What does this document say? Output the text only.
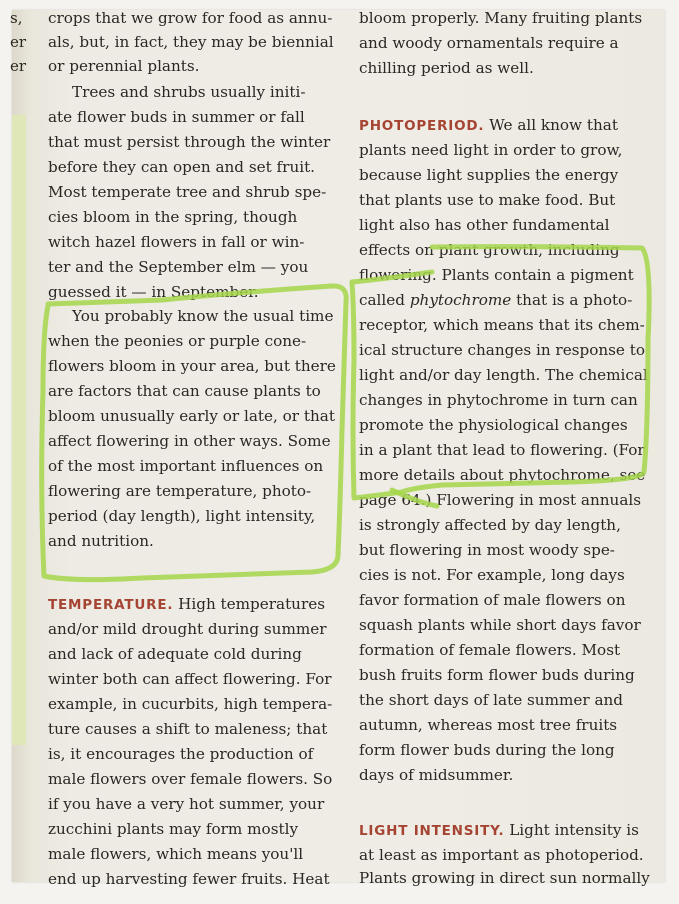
s,
er
er
crops that we grow for food as annu-
als, but, in fact, they may be biennial
or perennial plants.
Trees and shrubs usually initi-
ate flower buds in summer or fall
that must persist through the winter
before they can open and set fruit.
Most temperate tree and shrub spe-
cies bloom in the spring, though
witch hazel flowers in fall or win-
ter and the September elm — you
guessed it — in September.
You probably know the usual time
when the peonies or purple cone-
flowers bloom in your area, but there
are factors that can cause plants to
bloom unusually early or late, or that
affect flowering in other ways. Some
of the most important influences on
flowering are temperature, photo-
period (day length), light intensity,
and nutrition.
TEMPERATURE. High temperatures
and/or mild drought during summer
and lack of adequate cold during
winter both can affect flowering. For
example, in cucurbits, high tempera-
ture causes a shift to maleness; that
is, it encourages the production of
male flowers over female flowers. So
if you have a very hot summer, your
zucchini plants may form mostly
male flowers, which means you'll
end up harvesting fewer fruits. Heat
bloom properly. Many fruiting plants
and woody ornamentals require a
chilling period as well.
PHOTOPERIOD. We all know that
plants need light in order to grow,
because light supplies the energy
that plants use to make food. But
light also has other fundamental
effects on plant growth, including
flowering. Plants contain a pigment
called phytochrome that is a photo-
receptor, which means that its chem-
ical structure changes in response to
light and/or day length. The chemical
changes in phytochrome in turn can
promote the physiological changes
in a plant that lead to flowering. (For
more details about phytochrome, see
page 64.) Flowering in most annuals
is strongly affected by day length,
but flowering in most woody spe-
cies is not. For example, long days
favor formation of male flowers on
squash plants while short days favor
formation of female flowers. Most
bush fruits form flower buds during
the short days of late summer and
autumn, whereas most tree fruits
form flower buds during the long
days of midsummer.
LIGHT INTENSITY. Light intensity is
at least as important as photoperiod.
Plants growing in direct sun normally
